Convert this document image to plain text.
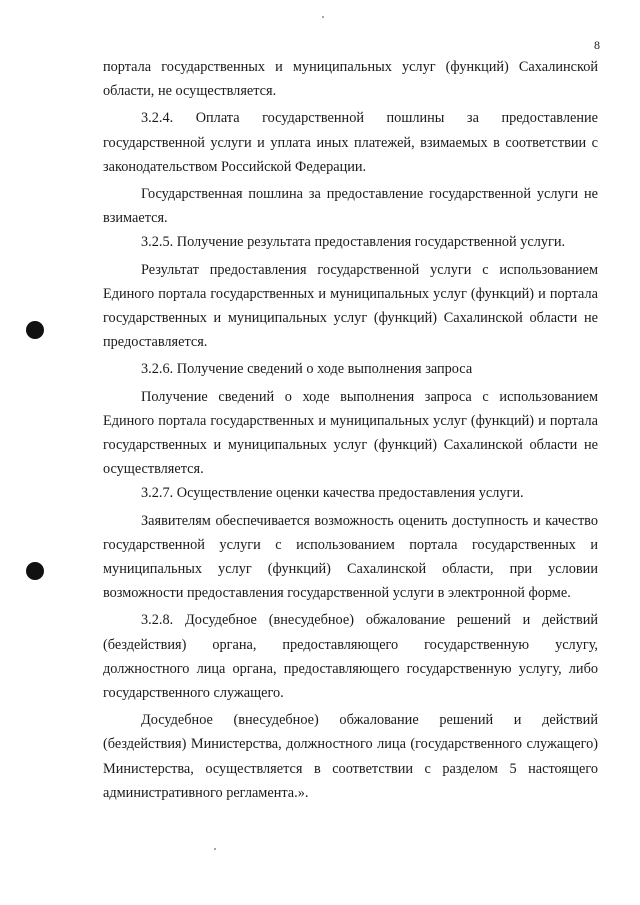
8

портала государственных и муниципальных услуг (функций) Сахалинской области, не осуществляется.

3.2.4. Оплата государственной пошлины за предоставление государственной услуги и уплата иных платежей, взимаемых в соответствии с законодательством Российской Федерации.

Государственная пошлина за предоставление государственной услуги не взимается.

3.2.5. Получение результата предоставления государственной услуги.

Результат предоставления государственной услуги с использованием Единого портала государственных и муниципальных услуг (функций) и портала государственных и муниципальных услуг (функций) Сахалинской области не предоставляется.

3.2.6. Получение сведений о ходе выполнения запроса

Получение сведений о ходе выполнения запроса с использованием Единого портала государственных и муниципальных услуг (функций) и портала государственных и муниципальных услуг (функций) Сахалинской области не осуществляется.

3.2.7. Осуществление оценки качества предоставления услуги.

Заявителям обеспечивается возможность оценить доступность и качество государственной услуги с использованием портала государственных и муниципальных услуг (функций) Сахалинской области, при условии возможности предоставления государственной услуги в электронной форме.

3.2.8. Досудебное (внесудебное) обжалование решений и действий (бездействия) органа, предоставляющего государственную услугу, должностного лица органа, предоставляющего государственную услугу, либо государственного служащего.

Досудебное (внесудебное) обжалование решений и действий (бездействия) Министерства, должностного лица (государственного служащего) Министерства, осуществляется в соответствии с разделом 5 настоящего административного регламента.».
